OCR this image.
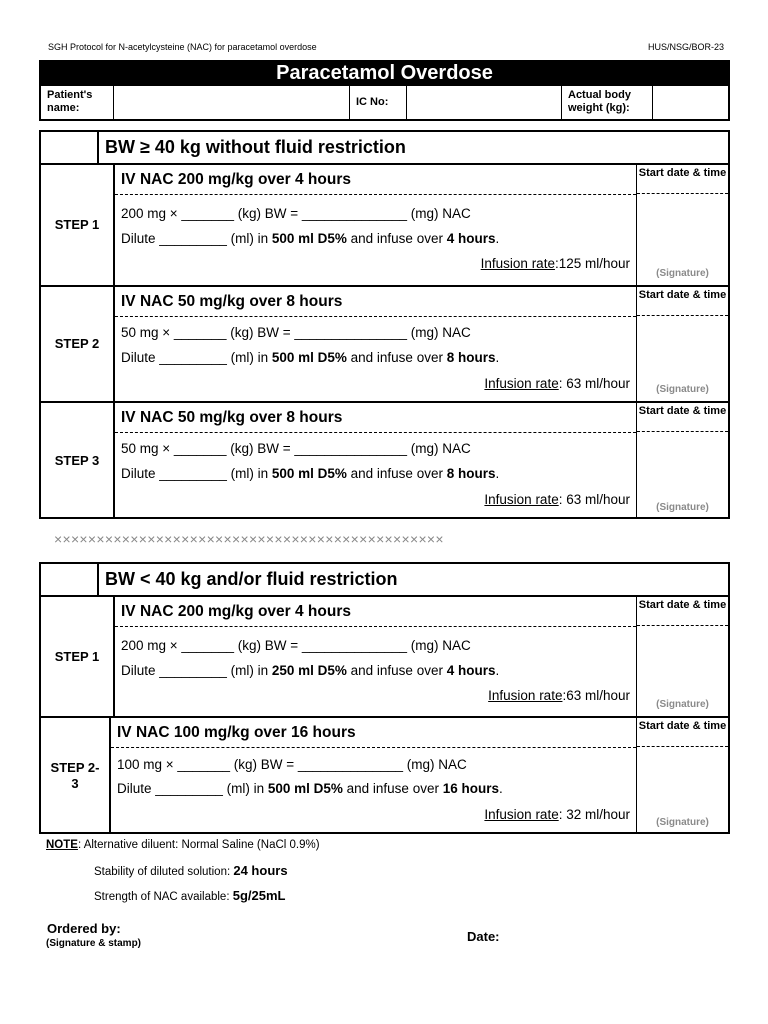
SGH Protocol for N-acetylcysteine (NAC) for paracetamol overdose	HUS/NSG/BOR-23
Paracetamol Overdose
Patient's name:	IC No:
Actual body weight (kg):
BW ≥ 40 kg without fluid restriction
STEP 1
IV NAC 200 mg/kg over 4 hours
200 mg × _______ (kg) BW = ______________ (mg) NAC
Dilute _________ (ml) in 500 ml D5% and infuse over 4 hours.
Infusion rate:125 ml/hour
Start date & time
(Signature)
STEP 2
IV NAC 50 mg/kg over 8 hours
50 mg × _______ (kg) BW = _______________ (mg) NAC
Dilute _________ (ml) in 500 ml D5% and infuse over 8 hours.
Infusion rate: 63 ml/hour
Start date & time
(Signature)
STEP 3
IV NAC 50 mg/kg over 8 hours
50 mg × _______ (kg) BW = _______________ (mg) NAC
Dilute _________ (ml) in 500 ml D5% and infuse over 8 hours.
Infusion rate: 63 ml/hour
Start date & time
(Signature)
××××××××××××××××××××××××××××××××××××××××××××××
BW < 40 kg and/or fluid restriction
STEP 1
IV NAC 200 mg/kg over 4 hours
200 mg × _______ (kg) BW = ______________ (mg) NAC
Dilute _________ (ml) in 250 ml D5% and infuse over 4 hours.
Infusion rate:63 ml/hour
Start date & time
(Signature)
STEP 2-3
IV NAC 100 mg/kg over 16 hours
100 mg × _______ (kg) BW = ______________ (mg) NAC
Dilute _________ (ml) in 500 ml D5% and infuse over 16 hours.
Infusion rate: 32 ml/hour
Start date & time
(Signature)
NOTE: Alternative diluent: Normal Saline (NaCl 0.9%)
Stability of diluted solution: 24 hours
Strength of NAC available: 5g/25mL
Ordered by:
(Signature & stamp)	Date:
